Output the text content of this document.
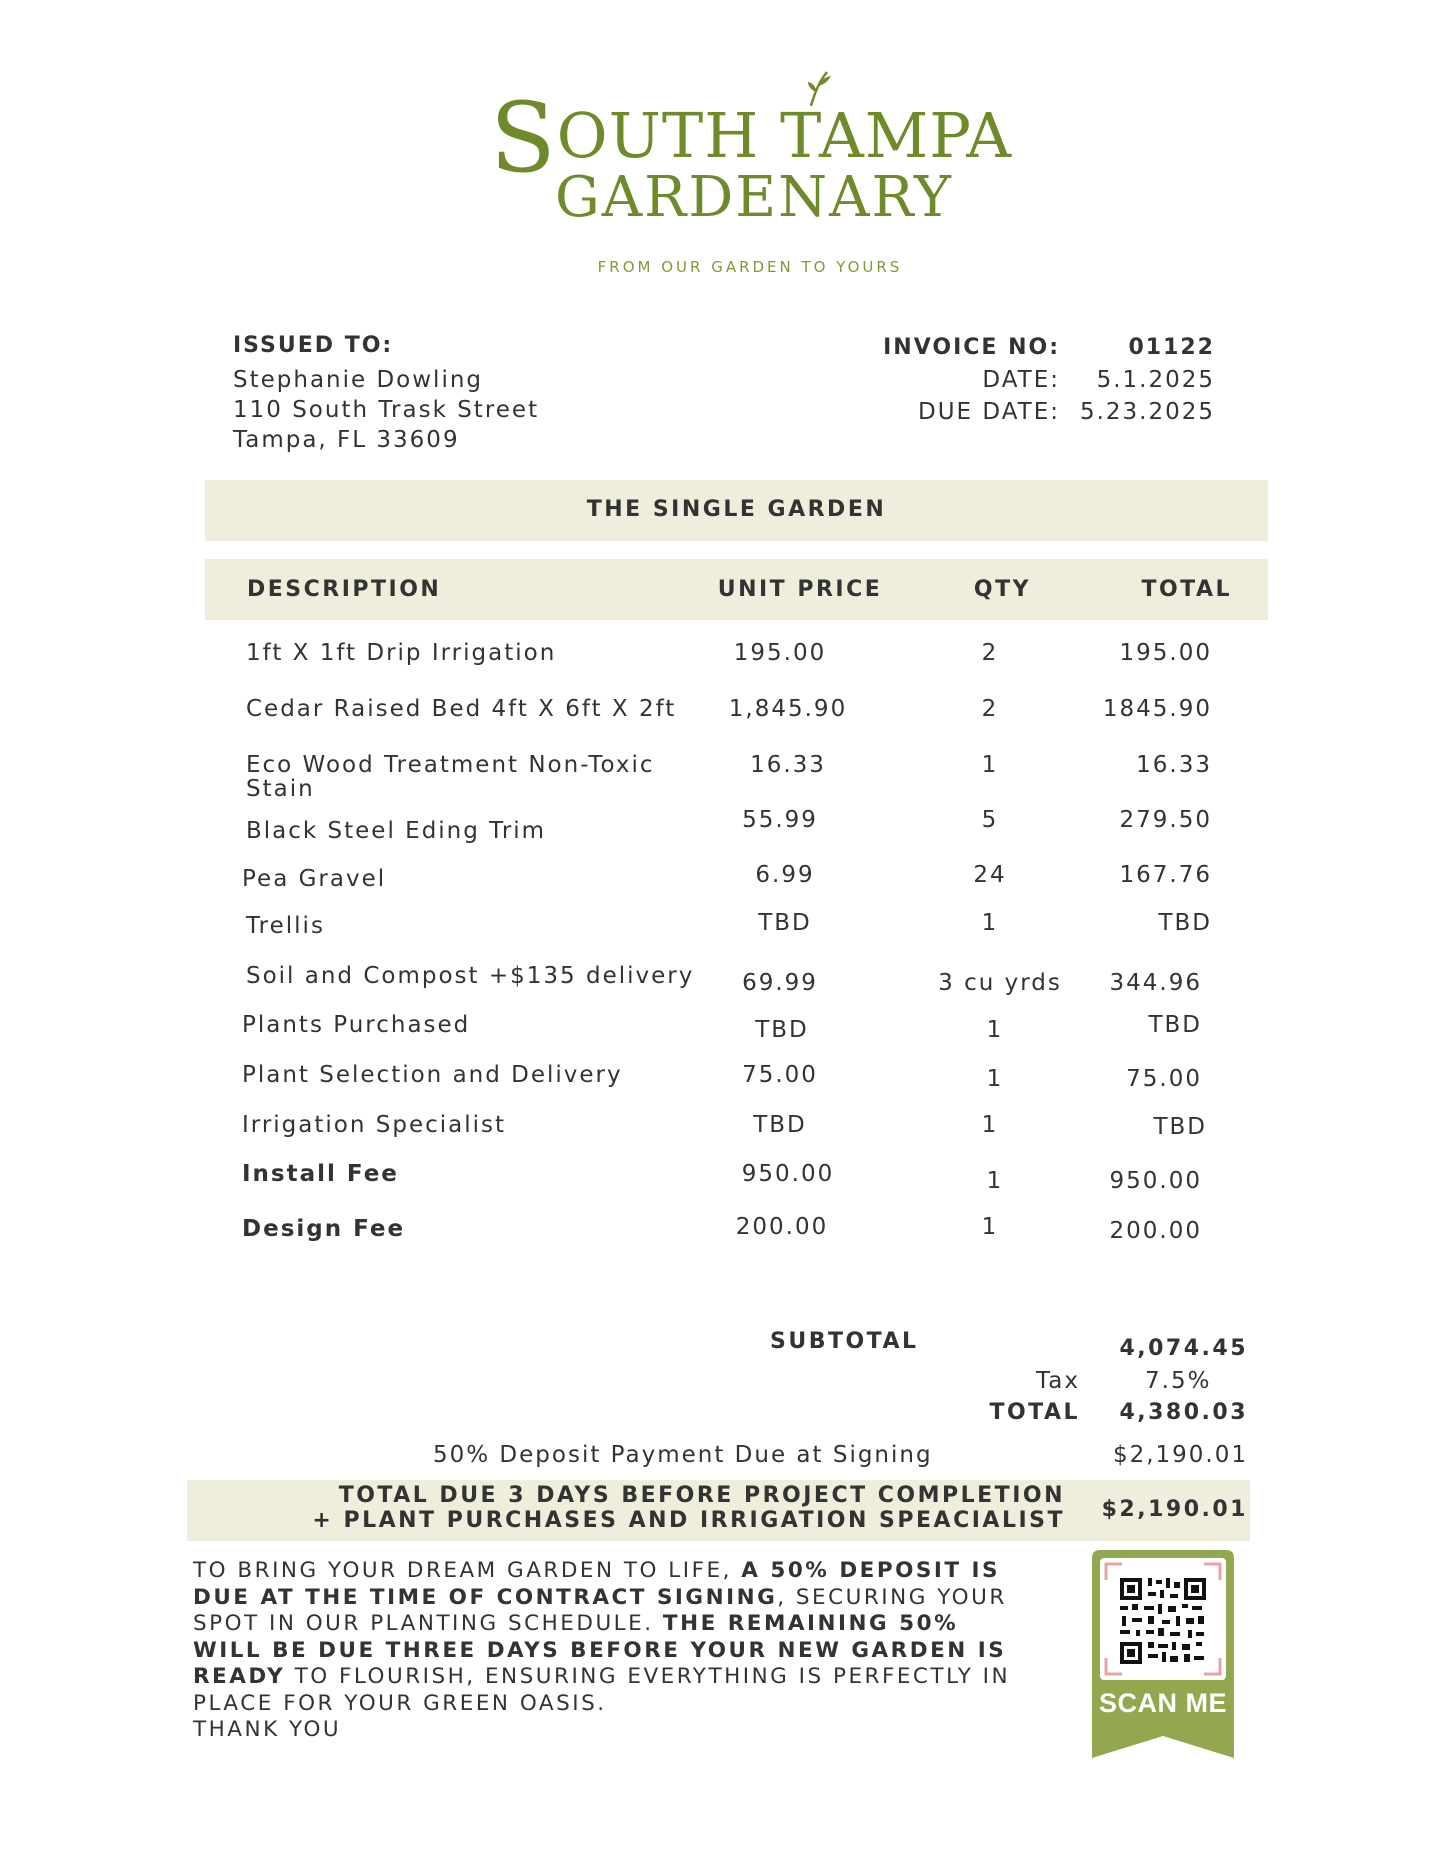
SOUTH TAMPA
GARDENARY
FROM OUR GARDEN TO YOURS
ISSUED TO:
Stephanie Dowling
110 South Trask Street
Tampa, FL 33609
INVOICE NO:	01122
DATE:	5.1.2025
DUE DATE: 5.23.2025
THE SINGLE GARDEN
DESCRIPTION	UNIT PRICE	QTY	TOTAL
1ft X 1ft Drip Irrigation	195.00	2	195.00
Cedar Raised Bed 4ft X 6ft X 2ft	1,845.90	2	1845.90
Eco Wood Treatment Non-Toxic
Stain
16.33	1	16.33
Black Steel Eding Trim	55.99	5	279.50
Pea Gravel	6.99	24	167.76
Trellis	TBD	1	TBD
Soil and Compost +$135 delivery	69.99	3 cu yrds	344.96
Plants Purchased	TBD	1	TBD
Plant Selection and Delivery	75.00	1	75.00
Irrigation Specialist	TBD	1	TBD
Install Fee	950.00	1	950.00
Design Fee	200.00	1	200.00
SUBTOTAL	4,074.45
Tax	7.5%
TOTAL	4,380.03
50% Deposit Payment Due at Signing	$2,190.01
TOTAL DUE 3 DAYS BEFORE PROJECT COMPLETION
+ PLANT PURCHASES AND IRRIGATION SPEACIALIST	$2,190.01
TO BRING YOUR DREAM GARDEN TO LIFE, A 50% DEPOSIT IS
DUE AT THE TIME OF CONTRACT SIGNING, SECURING YOUR
SPOT IN OUR PLANTING SCHEDULE. THE REMAINING 50%
WILL BE DUE THREE DAYS BEFORE YOUR NEW GARDEN IS
READY TO FLOURISH, ENSURING EVERYTHING IS PERFECTLY IN
PLACE FOR YOUR GREEN OASIS.
THANK YOU
SCAN ME
